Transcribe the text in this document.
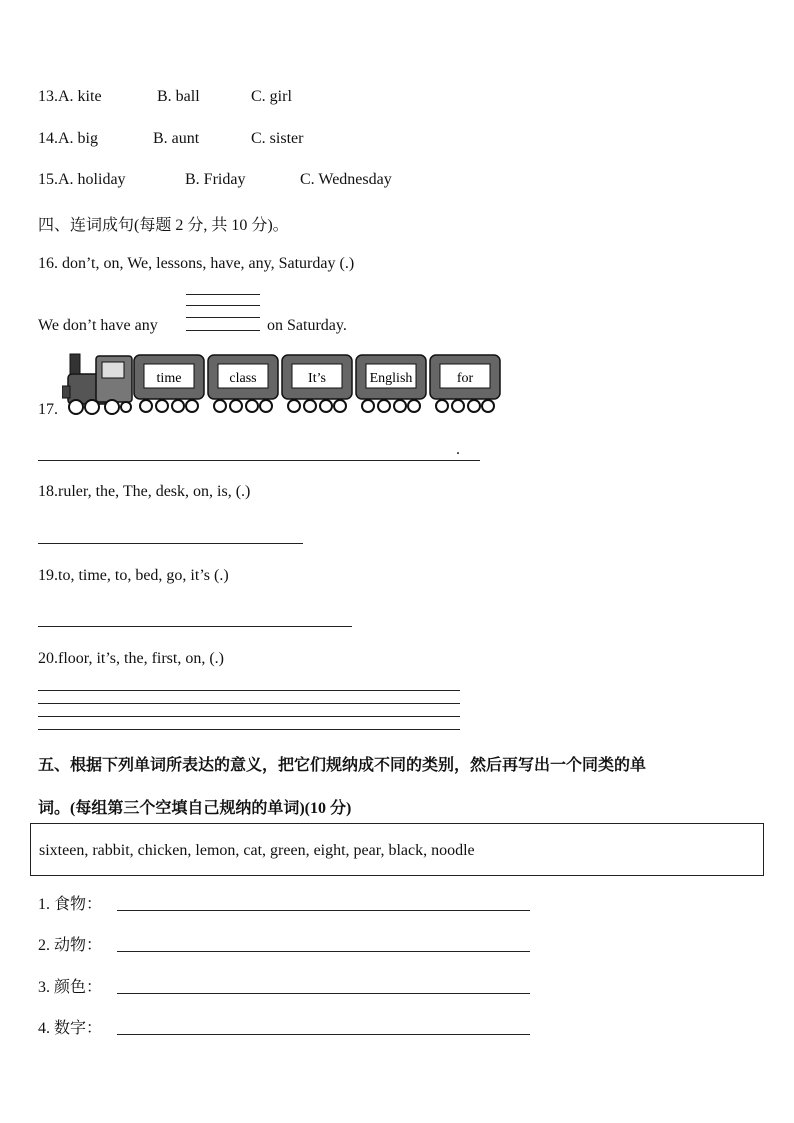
13.A. kite	B. ball	C. girl
14.A. big	B. aunt	C. sister
15.A. holiday	B. Friday	C. Wednesday
四、连词成句(每题 2 分, 共 10 分)。
16. don’t, on, We, lessons, have, any, Saturday (.)
We don’t have any	on Saturday.
time	class	It’s	English	for
17.
.
18.ruler, the, The, desk, on, is, (.)
19.to, time, to, bed, go, it’s (.)
20.floor, it’s, the, first, on, (.)
五、根据下列单词所表达的意义，把它们规纳成不同的类别，然后再写出一个同类的单
词。(每组第三个空填自己规纳的单词)(10 分)
sixteen, rabbit, chicken, lemon, cat, green, eight, pear, black, noodle
1. 食物：
2. 动物：
3. 颜色：
4. 数字：
